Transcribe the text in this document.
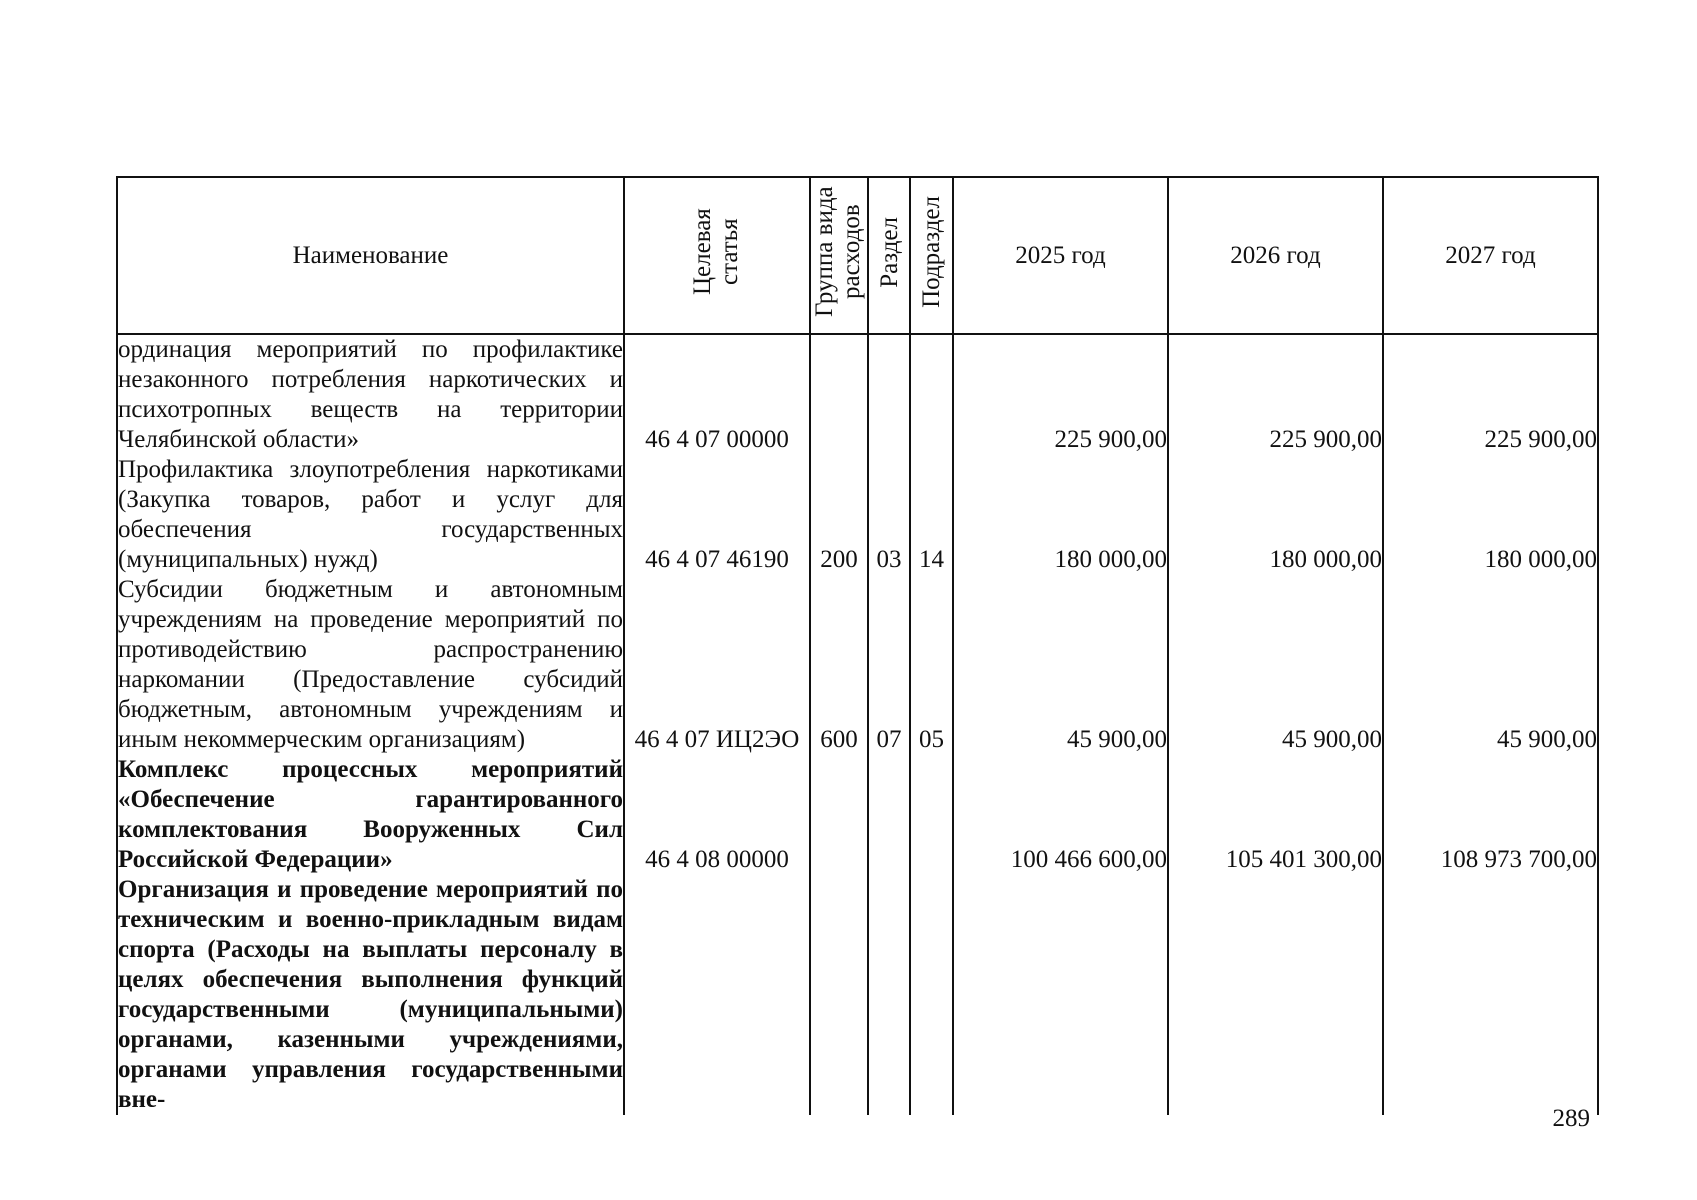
Наименование	Целевая статья	Группа вида расходов	Раздел	Подраздел	2025 год	2026 год	2027 год
ординация мероприятий по профилактике незаконного потребления наркотических и психотропных веществ на территории Челябинской области»	46 4 07 00000				225 900,00	225 900,00	225 900,00
Профилактика злоупотребления наркотиками (Закупка товаров, работ и услуг для обеспечения государственных (муниципальных) нужд)	46 4 07 46190	200	03	14	180 000,00	180 000,00	180 000,00
Субсидии бюджетным и автономным учреждениям на проведение мероприятий по противодействию распространению наркомании (Предоставление субсидий бюджетным, автономным учреждениям и иным некоммерческим организациям)	46 4 07 ИЦ2ЭО	600	07	05	45 900,00	45 900,00	45 900,00
Комплекс процессных мероприятий «Обеспечение гарантированного комплектования Вооруженных Сил Российской Федерации»	46 4 08 00000				100 466 600,00	105 401 300,00	108 973 700,00
Организация и проведение мероприятий по техническим и военно-прикладным видам спорта (Расходы на выплаты персоналу в целях обеспечения выполнения функций государственными (муниципальными) органами, казенными учреждениями, органами управления государственными вне-							
289
